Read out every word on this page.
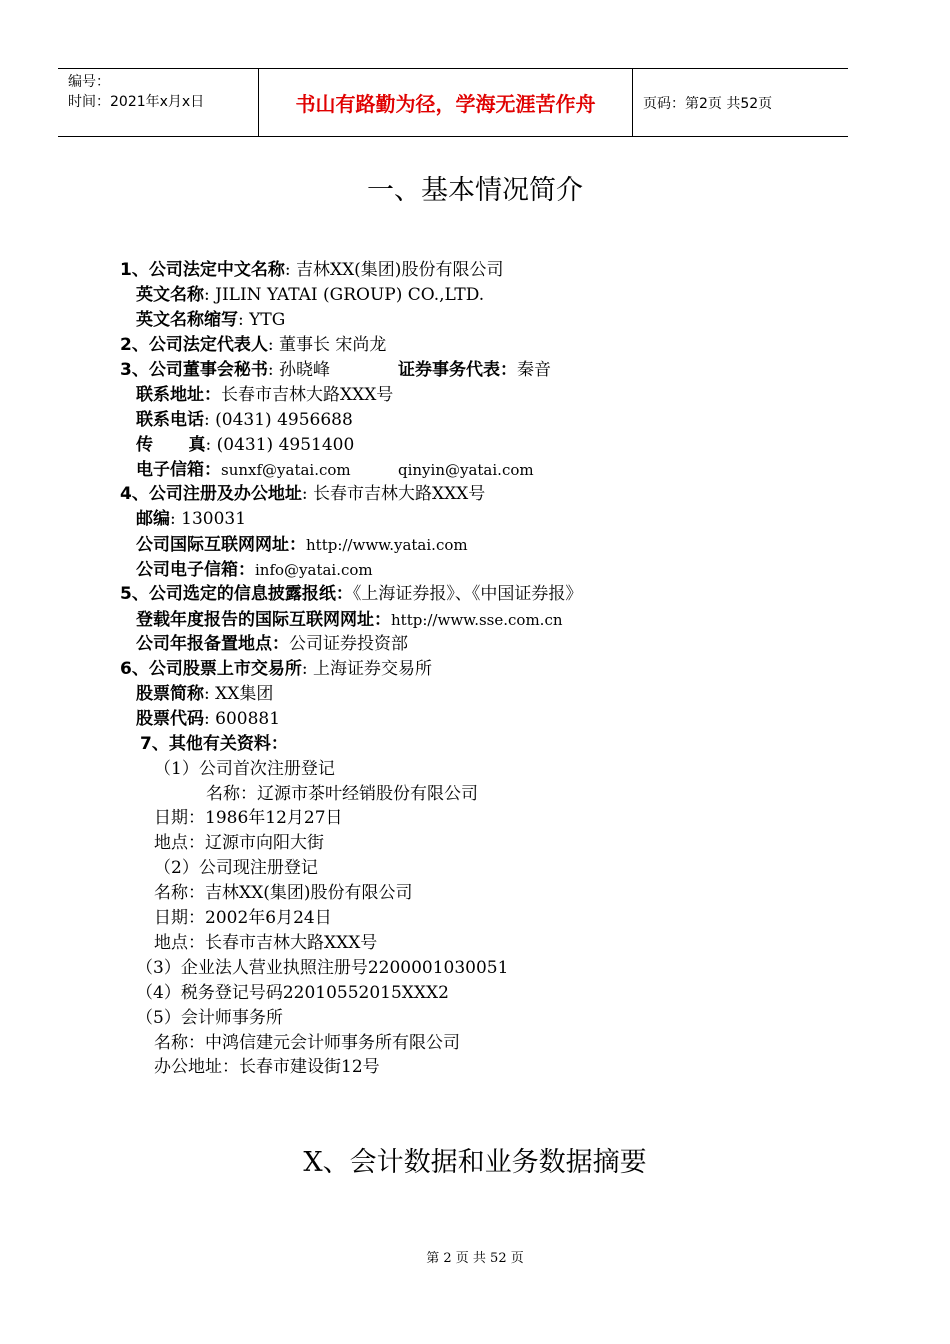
编号：
时间：2021年x月x日	书山有路勤为径，学海无涯苦作舟	页码：第2页 共52页
一、基本情况简介
1、公司法定中文名称: 吉林XX(集团)股份有限公司
英文名称: JILIN YATAI (GROUP) CO.,LTD.
英文名称缩写: YTG
2、公司法定代表人: 董事长 宋尚龙
3、公司董事会秘书: 孙晓峰	证券事务代表：秦音
联系地址：长春市吉林大路XXX号
联系电话: (0431) 4956688
传      真: (0431) 4951400
电子信箱：sunxf@yatai.com	qinyin@yatai.com
4、公司注册及办公地址: 长春市吉林大路XXX号
邮编: 130031
公司国际互联网网址：http://www.yatai.com
公司电子信箱：info@yatai.com
5、公司选定的信息披露报纸：《上海证券报》、《中国证券报》
登载年度报告的国际互联网网址：http://www.sse.com.cn
公司年报备置地点：公司证券投资部
6、公司股票上市交易所: 上海证券交易所
股票简称: XX集团
股票代码: 600881
7、其他有关资料：
（1）公司首次注册登记
名称：辽源市茶叶经销股份有限公司
日期：1986年12月27日
地点：辽源市向阳大街
（2）公司现注册登记
名称：吉林XX(集团)股份有限公司
日期：2002年6月24日
地点：长春市吉林大路XXX号
（3）企业法人营业执照注册号2200001030051
（4）税务登记号码22010552015XXX2
（5）会计师事务所
名称：中鸿信建元会计师事务所有限公司
办公地址：长春市建设街12号
X、会计数据和业务数据摘要
第 2 页 共 52 页
